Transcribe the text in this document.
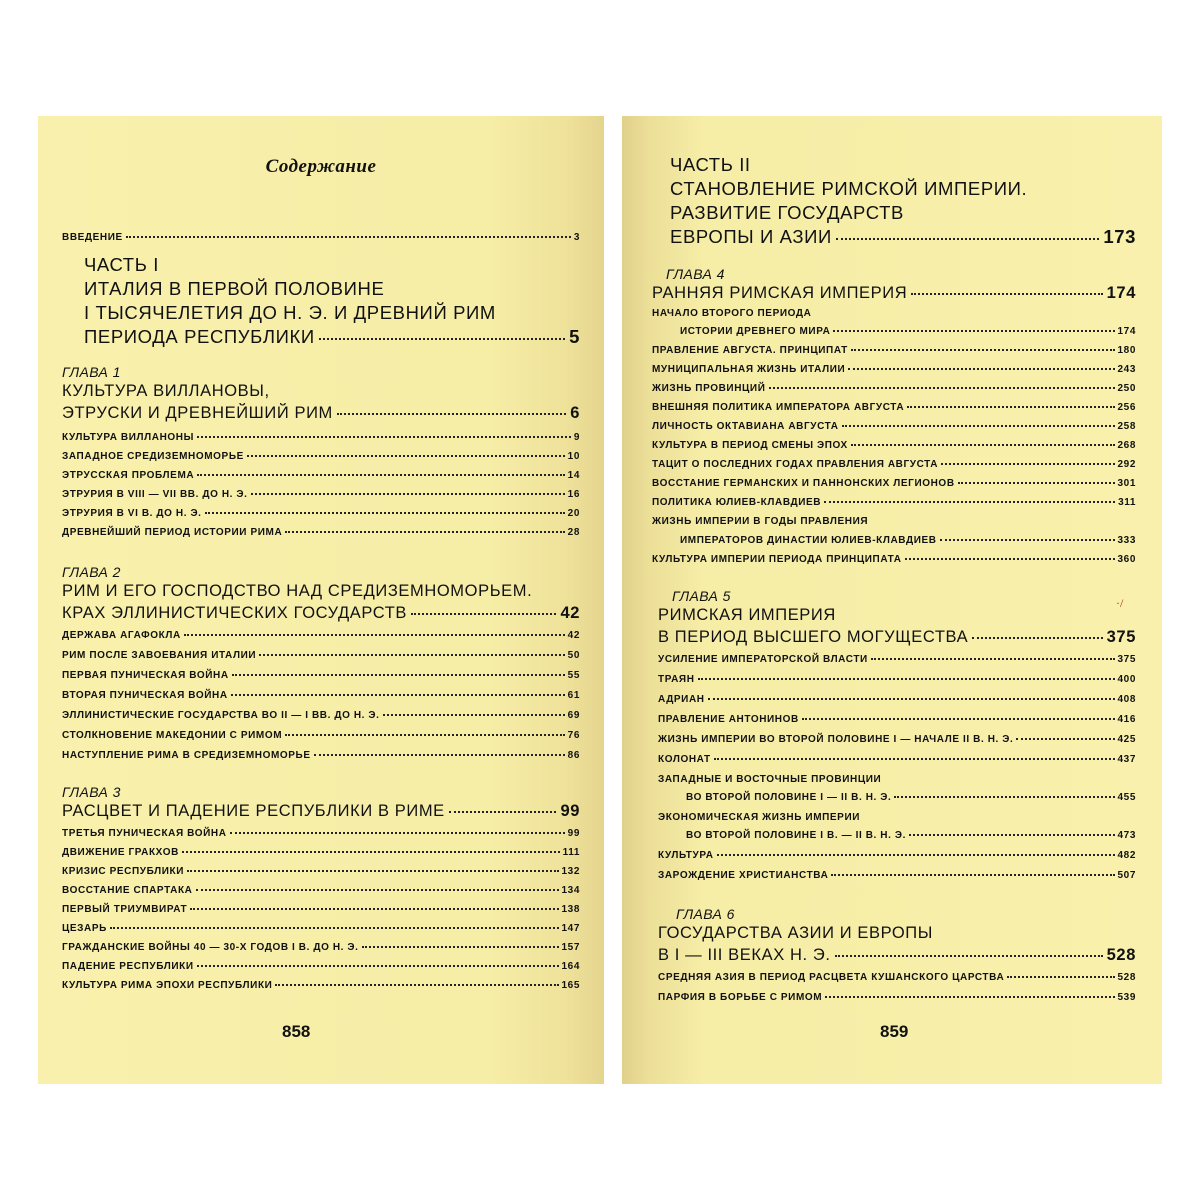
Содержание
ВВЕДЕНИЕ	3
ЧАСТЬ I
ИТАЛИЯ В ПЕРВОЙ ПОЛОВИНЕ
I ТЫСЯЧЕЛЕТИЯ ДО Н. Э. И ДРЕВНИЙ РИМ
ПЕРИОДА РЕСПУБЛИКИ	5
ГЛАВА 1
КУЛЬТУРА ВИЛЛАНОВЫ,
ЭТРУСКИ И ДРЕВНЕЙШИЙ РИМ	6
КУЛЬТУРА ВИЛЛАНОНЫ	9
ЗАПАДНОЕ СРЕДИЗЕМНОМОРЬЕ	10
ЭТРУССКАЯ ПРОБЛЕМА	14
ЭТРУРИЯ В VIII — VII ВВ. ДО Н. Э.	16
ЭТРУРИЯ В VI В. ДО Н. Э.	20
ДРЕВНЕЙШИЙ ПЕРИОД ИСТОРИИ РИМА	28
ГЛАВА 2
РИМ И ЕГО ГОСПОДСТВО НАД СРЕДИЗЕМНОМОРЬЕМ.
КРАХ ЭЛЛИНИСТИЧЕСКИХ ГОСУДАРСТВ	42
ДЕРЖАВА АГАФОКЛА	42
РИМ ПОСЛЕ ЗАВОЕВАНИЯ ИТАЛИИ	50
ПЕРВАЯ ПУНИЧЕСКАЯ ВОЙНА	55
ВТОРАЯ ПУНИЧЕСКАЯ ВОЙНА	61
ЭЛЛИНИСТИЧЕСКИЕ ГОСУДАРСТВА ВО II — I ВВ. ДО Н. Э.	69
СТОЛКНОВЕНИЕ МАКЕДОНИИ С РИМОМ	76
НАСТУПЛЕНИЕ РИМА В СРЕДИЗЕМНОМОРЬЕ	86
ГЛАВА 3
РАСЦВЕТ И ПАДЕНИЕ РЕСПУБЛИКИ В РИМЕ	99
ТРЕТЬЯ ПУНИЧЕСКАЯ ВОЙНА	99
ДВИЖЕНИЕ ГРАКХОВ	111
КРИЗИС РЕСПУБЛИКИ	132
ВОССТАНИЕ СПАРТАКА	134
ПЕРВЫЙ ТРИУМВИРАТ	138
ЦЕЗАРЬ	147
ГРАЖДАНСКИЕ ВОЙНЫ 40 — 30-Х ГОДОВ I В. ДО Н. Э.	157
ПАДЕНИЕ РЕСПУБЛИКИ	164
КУЛЬТУРА РИМА ЭПОХИ РЕСПУБЛИКИ	165
858
ЧАСТЬ II
СТАНОВЛЕНИЕ РИМСКОЙ ИМПЕРИИ.
РАЗВИТИЕ ГОСУДАРСТВ
ЕВРОПЫ И АЗИИ	173
ГЛАВА 4
РАННЯЯ РИМСКАЯ ИМПЕРИЯ	174
НАЧАЛО ВТОРОГО ПЕРИОДА
ИСТОРИИ ДРЕВНЕГО МИРА	174
ПРАВЛЕНИЕ АВГУСТА. ПРИНЦИПАТ	180
МУНИЦИПАЛЬНАЯ ЖИЗНЬ ИТАЛИИ	243
ЖИЗНЬ ПРОВИНЦИЙ	250
ВНЕШНЯЯ ПОЛИТИКА ИМПЕРАТОРА АВГУСТА	256
ЛИЧНОСТЬ ОКТАВИАНА АВГУСТА	258
КУЛЬТУРА В ПЕРИОД СМЕНЫ ЭПОХ	268
ТАЦИТ О ПОСЛЕДНИХ ГОДАХ ПРАВЛЕНИЯ АВГУСТА	292
ВОССТАНИЕ ГЕРМАНСКИХ И ПАННОНСКИХ ЛЕГИОНОВ	301
ПОЛИТИКА ЮЛИЕВ-КЛАВДИЕВ	311
ЖИЗНЬ ИМПЕРИИ В ГОДЫ ПРАВЛЕНИЯ
ИМПЕРАТОРОВ ДИНАСТИИ ЮЛИЕВ-КЛАВДИЕВ	333
КУЛЬТУРА ИМПЕРИИ ПЕРИОДА ПРИНЦИПАТА	360
ГЛАВА 5
РИМСКАЯ ИМПЕРИЯ
В ПЕРИОД ВЫСШЕГО МОГУЩЕСТВА	375
УСИЛЕНИЕ ИМПЕРАТОРСКОЙ ВЛАСТИ	375
ТРАЯН	400
АДРИАН	408
ПРАВЛЕНИЕ АНТОНИНОВ	416
ЖИЗНЬ ИМПЕРИИ ВО ВТОРОЙ ПОЛОВИНЕ I — НАЧАЛЕ II В. Н. Э.	425
КОЛОНАТ	437
ЗАПАДНЫЕ И ВОСТОЧНЫЕ ПРОВИНЦИИ
ВО ВТОРОЙ ПОЛОВИНЕ I — II В. Н. Э.	455
ЭКОНОМИЧЕСКАЯ ЖИЗНЬ ИМПЕРИИ
ВО ВТОРОЙ ПОЛОВИНЕ I В. — II В. Н. Э.	473
КУЛЬТУРА	482
ЗАРОЖДЕНИЕ ХРИСТИАНСТВА	507
ГЛАВА 6
ГОСУДАРСТВА АЗИИ И ЕВРОПЫ
В I — III ВЕКАХ Н. Э.	528
СРЕДНЯЯ АЗИЯ В ПЕРИОД РАСЦВЕТА КУШАНСКОГО ЦАРСТВА	528
ПАРФИЯ В БОРЬБЕ С РИМОМ	539
859
·/
